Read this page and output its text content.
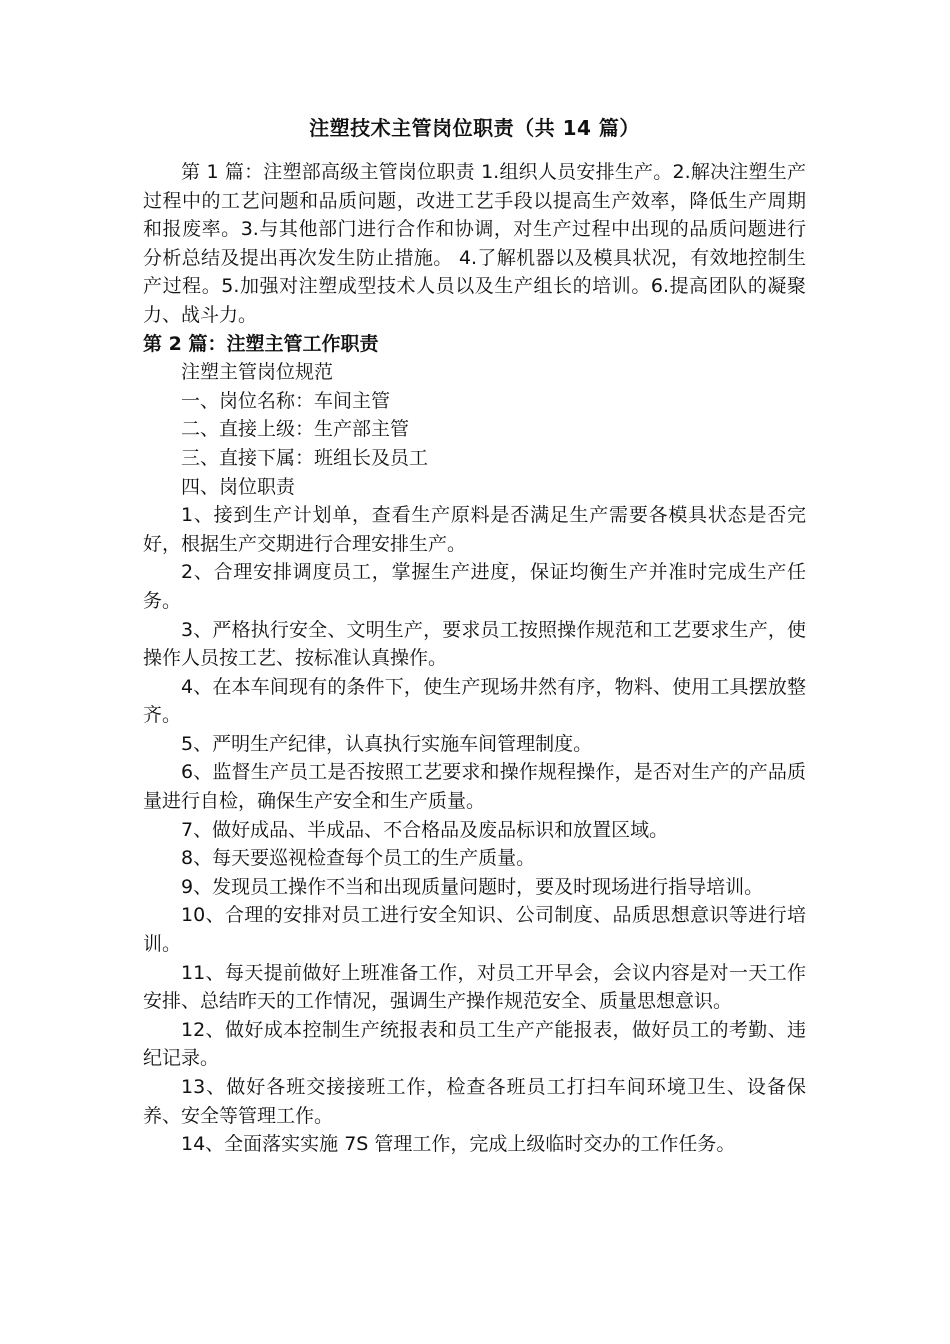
注塑技术主管岗位职责（共 14 篇）

第 1 篇：注塑部高级主管岗位职责 1.组织人员安排生产。2.解决注塑生产过程中的工艺问题和品质问题，改进工艺手段以提高生产效率，降低生产周期和报废率。3.与其他部门进行合作和协调，对生产过程中出现的品质问题进行分析总结及提出再次发生防止措施。 4.了解机器以及模具状况，有效地控制生产过程。5.加强对注塑成型技术人员以及生产组长的培训。6.提高团队的凝聚力、战斗力。

第 2 篇：注塑主管工作职责

注塑主管岗位规范

一、岗位名称：车间主管
二、直接上级：生产部主管
三、直接下属：班组长及员工
四、岗位职责
1、接到生产计划单，查看生产原料是否满足生产需要各模具状态是否完好，根据生产交期进行合理安排生产。
2、合理安排调度员工，掌握生产进度，保证均衡生产并准时完成生产任务。
3、严格执行安全、文明生产，要求员工按照操作规范和工艺要求生产，使操作人员按工艺、按标准认真操作。
4、在本车间现有的条件下，使生产现场井然有序，物料、使用工具摆放整齐。
5、严明生产纪律，认真执行实施车间管理制度。
6、监督生产员工是否按照工艺要求和操作规程操作，是否对生产的产品质量进行自检，确保生产安全和生产质量。
7、做好成品、半成品、不合格品及废品标识和放置区域。
8、每天要巡视检查每个员工的生产质量。
9、发现员工操作不当和出现质量问题时，要及时现场进行指导培训。
10、合理的安排对员工进行安全知识、公司制度、品质思想意识等进行培训。
11、每天提前做好上班准备工作，对员工开早会，会议内容是对一天工作安排、总结昨天的工作情况，强调生产操作规范安全、质量思想意识。
12、做好成本控制生产统报表和员工生产产能报表，做好员工的考勤、违纪记录。
13、做好各班交接接班工作，检查各班员工打扫车间环境卫生、设备保养、安全等管理工作。
14、全面落实实施 7S 管理工作，完成上级临时交办的工作任务。
